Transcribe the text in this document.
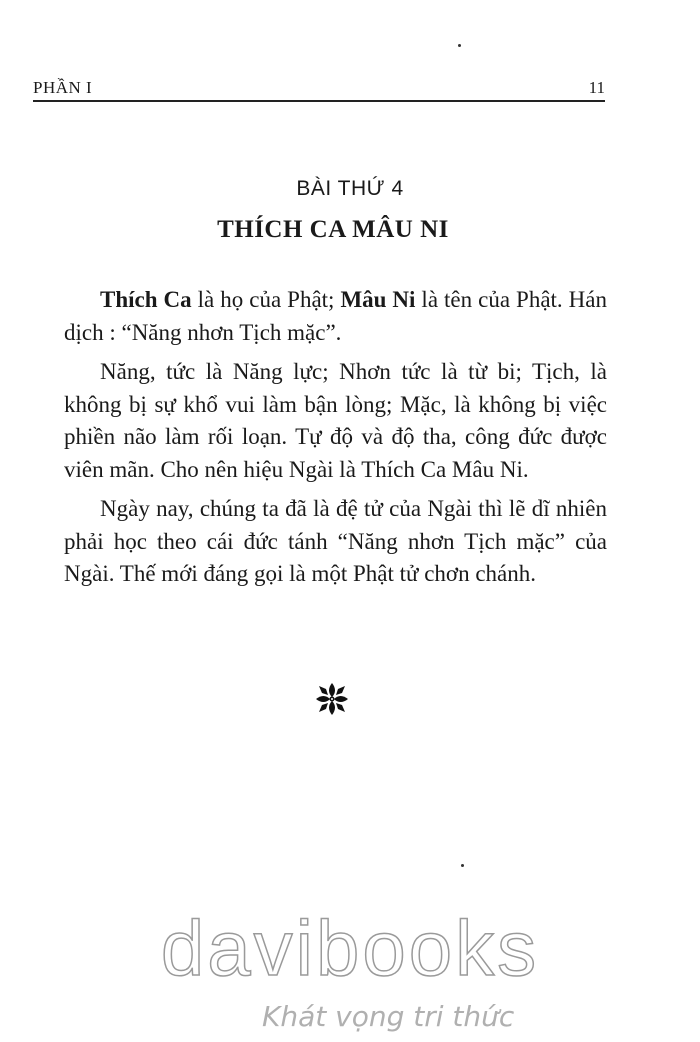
PHẦN I	11
BÀI THỨ 4
THÍCH CA MÂU NI

Thích Ca là họ của Phật; Mâu Ni là tên của Phật. Hán dịch : “Năng nhơn Tịch mặc”.

Năng, tức là Năng lực; Nhơn tức là từ bi; Tịch, là không bị sự khổ vui làm bận lòng; Mặc, là không bị việc phiền não làm rối loạn. Tự độ và độ tha, công đức được viên mãn. Cho nên hiệu Ngài là Thích Ca Mâu Ni.

Ngày nay, chúng ta đã là đệ tử của Ngài thì lẽ dĩ nhiên phải học theo cái đức tánh “Năng nhơn Tịch mặc” của Ngài. Thế mới đáng gọi là một Phật tử chơn chánh.

davibooks
Khát vọng tri thức
